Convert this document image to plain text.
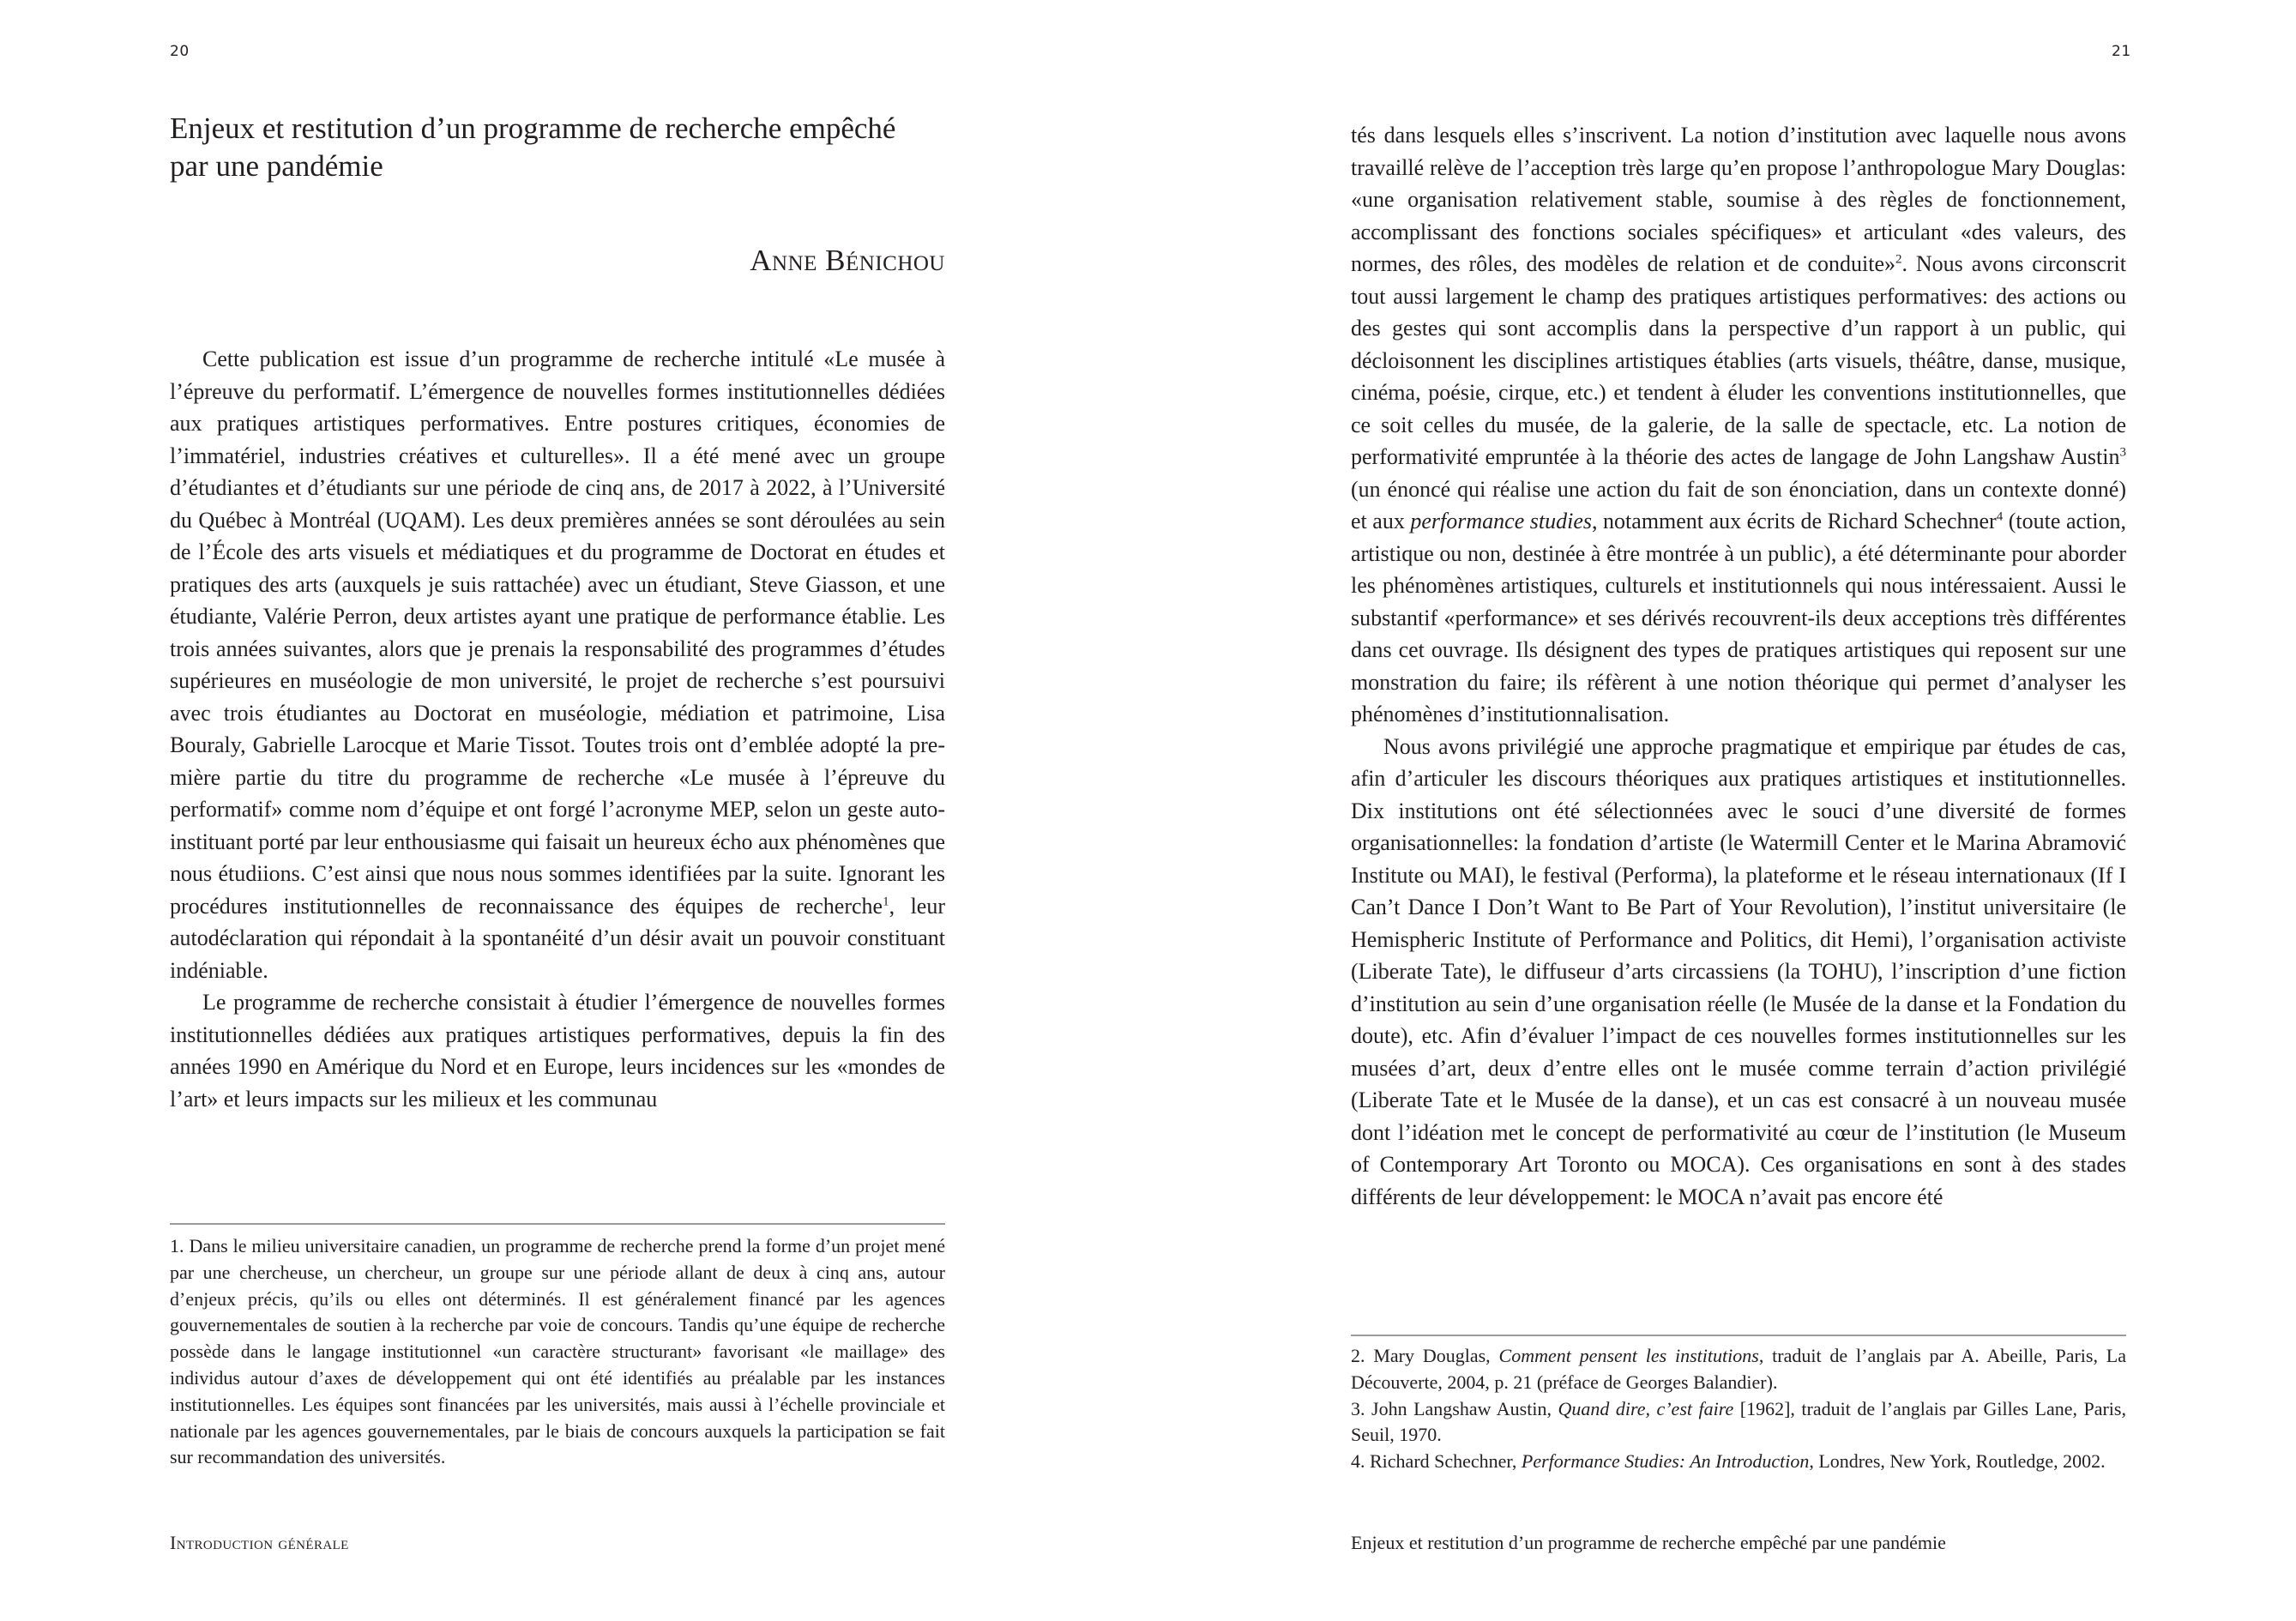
20
Enjeux et restitution d’un programme de recherche empêché
par une pandémie
Anne Bénichou

Cette publication est issue d’un programme de recherche intitulé «Le musée à l’épreuve du performatif. L’émergence de nouvelles formes institutionnelles dédiées aux pratiques artistiques performatives. Entre postures critiques, économies de l’immatériel, industries créatives et culturelles». Il a été mené avec un groupe d’étudiantes et d’étudiants sur une période de cinq ans, de 2017 à 2022, à l’Université du Québec à Montréal (UQAM). Les deux premières années se sont déroulées au sein de l’École des arts visuels et médiatiques et du programme de Doctorat en études et pratiques des arts (auxquels je suis rattachée) avec un étudiant, Steve Giasson, et une étudiante, Valérie Perron, deux artistes ayant une pratique de performance établie. Les trois années suivantes, alors que je prenais la responsabilité des programmes d’études supérieures en muséologie de mon université, le projet de recherche s’est poursuivi avec trois étudiantes au Doctorat en muséologie, médiation et patrimoine, Lisa Bouraly, Gabrielle Larocque et Marie Tissot. Toutes trois ont d’emblée adopté la première partie du titre du programme de recherche «Le musée à l’épreuve du performatif» comme nom d’équipe et ont forgé l’acronyme MEP, selon un geste auto-instituant porté par leur enthousiasme qui faisait un heureux écho aux phénomènes que nous étudiions. C’est ainsi que nous nous sommes identifiées par la suite. Ignorant les procédures institutionnelles de reconnaissance des équipes de recherche$^1$, leur autodéclaration qui répondait à la spontanéité d’un désir avait un pouvoir constituant indéniable.

Le programme de recherche consistait à étudier l’émergence de nouvelles formes institutionnelles dédiées aux pratiques artistiques performatives, depuis la fin des années 1990 en Amérique du Nord et en Europe, leurs incidences sur les «mondes de l’art» et leurs impacts sur les milieux et les communau

1. Dans le milieu universitaire canadien, un programme de recherche prend la forme d’un projet mené par une chercheuse, un chercheur, un groupe sur une période allant de deux à cinq ans, autour d’enjeux précis, qu’ils ou elles ont déterminés. Il est généralement financé par les agences gouvernementales de soutien à la recherche par voie de concours. Tandis qu’une équipe de recherche possède dans le langage institutionnel «un caractère structurant» favorisant «le maillage» des individus autour d’axes de développement qui ont été identifiés au préalable par les instances institutionnelles. Les équipes sont financées par les universités, mais aussi à l’échelle provinciale et nationale par les agences gouvernementales, par le biais de concours auxquels la participation se fait sur recommandation des universités.

Introduction générale
21

tés dans lesquels elles s’inscrivent. La notion d’institution avec laquelle nous avons travaillé relève de l’acception très large qu’en propose l’anthropologue Mary Douglas: «une organisation relativement stable, soumise à des règles de fonctionnement, accomplissant des fonctions sociales spécifiques» et articulant «des valeurs, des normes, des rôles, des modèles de relation et de conduite»$^2$. Nous avons circonscrit tout aussi largement le champ des pratiques artistiques performatives: des actions ou des gestes qui sont accomplis dans la perspective d’un rapport à un public, qui décloisonnent les disciplines artistiques établies (arts visuels, théâtre, danse, musique, cinéma, poésie, cirque, etc.) et tendent à éluder les conventions institutionnelles, que ce soit celles du musée, de la galerie, de la salle de spectacle, etc. La notion de performativité empruntée à la théorie des actes de langage de John Langshaw Austin$^3$ (un énoncé qui réalise une action du fait de son énonciation, dans un contexte donné) et aux performance studies, notamment aux écrits de Richard Schechner$^4$ (toute action, artistique ou non, destinée à être montrée à un public), a été déterminante pour aborder les phénomènes artistiques, culturels et institutionnels qui nous intéressaient. Aussi le substantif «performance» et ses dérivés recouvrent-ils deux acceptions très différentes dans cet ouvrage. Ils désignent des types de pratiques artistiques qui reposent sur une monstration du faire; ils réfèrent à une notion théorique qui permet d’analyser les phénomènes d’institutionnalisation.

Nous avons privilégié une approche pragmatique et empirique par études de cas, afin d’articuler les discours théoriques aux pratiques artistiques et institutionnelles. Dix institutions ont été sélectionnées avec le souci d’une diversité de formes organisationnelles: la fondation d’artiste (le Watermill Center et le Marina Abramović Institute ou MAI), le festival (Performa), la plateforme et le réseau internationaux (If I Can’t Dance I Don’t Want to Be Part of Your Revolution), l’institut universitaire (le Hemispheric Institute of Performance and Politics, dit Hemi), l’organisation activiste (Liberate Tate), le diffuseur d’arts circassiens (la TOHU), l’inscription d’une fiction d’institution au sein d’une organisation réelle (le Musée de la danse et la Fondation du doute), etc. Afin d’évaluer l’impact de ces nouvelles formes institutionnelles sur les musées d’art, deux d’entre elles ont le musée comme terrain d’action privilégié (Liberate Tate et le Musée de la danse), et un cas est consacré à un nouveau musée dont l’idéation met le concept de performativité au cœur de l’institution (le Museum of Contemporary Art Toronto ou MOCA). Ces organisations en sont à des stades différents de leur développement: le MOCA n’avait pas encore été

2. Mary Douglas, Comment pensent les institutions, traduit de l’anglais par A. Abeille, Paris, La Découverte, 2004, p. 21 (préface de Georges Balandier).

3. John Langshaw Austin, Quand dire, c’est faire [1962], traduit de l’anglais par Gilles Lane, Paris, Seuil, 1970.

4. Richard Schechner, Performance Studies: An Introduction, Londres, New York, Routledge, 2002.

Enjeux et restitution d’un programme de recherche empêché par une pandémie
